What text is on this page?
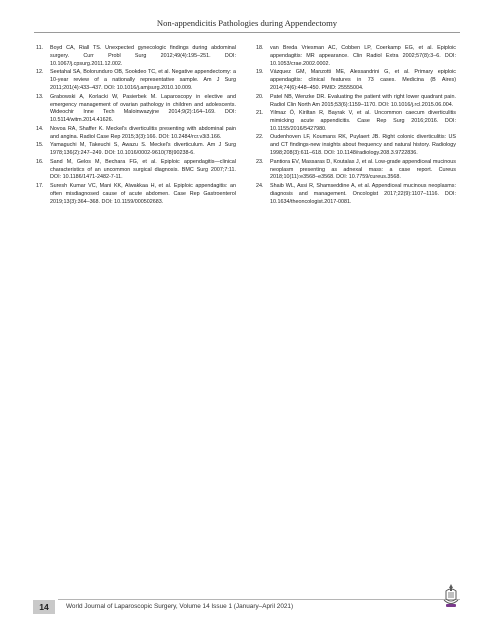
Non-appendicitis Pathologies during Appendectomy
11.	Boyd CA, Riall TS. Unexpected gynecologic findings during abdominal surgery. Curr Probl Surg 2012;49(4):195–251. DOI: 10.1067/j.cpsurg.2011.12.002.
12.	Seetahal SA, Bolorunduro OB, Sookdeo TC, et al. Negative appendectomy: a 10-year review of a nationally representative sample. Am J Surg 2011;201(4):433–437. DOI: 10.1016/j.amjsurg.2010.10.009.
13.	Grabowski A, Korlacki W, Pasierbek M. Laparoscopy in elective and emergency management of ovarian pathology in children and adolescents. Wideochir Inne Tech Maloinwazyjne 2014;9(2):164–169. DOI: 10.5114/witm.2014.41626.
14.	Novoa RA, Shaffer K. Meckel's diverticulitis presenting with abdominal pain and angina. Radiol Case Rep 2015;3(3):166. DOI: 10.2484/rcr.v3i3.166.
15.	Yamaguchi M, Takeuchi S, Awazu S. Meckel's diverticulum. Am J Surg 1978;136(2):247–249. DOI: 10.1016/0002-9610(78)90238-6.
16.	Sand M, Gelos M, Bechara FG, et al. Epiploic appendagitis—clinical characteristics of an uncommon surgical diagnosis. BMC Surg 2007;7:11. DOI: 10.1186/1471-2482-7-11.
17.	Suresh Kumar VC, Mani KK, Alwakkaa H, et al. Epiploic appendagitis: an often misdiagnosed cause of acute abdomen. Case Rep Gastroenterol 2019;13(3):364–368. DOI: 10.1159/000502683.
18.	van Breda Vriesman AC, Cobben LP, Coerkamp EG, et al. Epiploic appendagitis: MR appearance. Clin Radiol Extra 2002;57(8):3–6. DOI: 10.1053/crae.2002.0002.
19.	Vázquez GM, Manzotti ME, Alessandrini G, et al. Primary epiploic appendagitis: clinical features in 73 cases. Medicina (B Aires) 2014;74(6):448–450. PMID: 25555004.
20.	Patel NB, Wenzke DR. Evaluating the patient with right lower quadrant pain. Radiol Clin North Am 2015;53(6):1159–1170. DOI: 10.1016/j.rcl.2015.06.004.
21.	Yilmaz Ö, Kiriltan R, Bayrak V, et al. Uncommon caecum diverticulitis mimicking acute appendicitis. Case Rep Surg 2016;2016. DOI: 10.1155/2016/5427980.
22.	Oudenhoven LF, Koumans RK, Puylaert JB. Right colonic diverticulitis: US and CT findings-new insights about frequency and natural history. Radiology 1998;208(3):611–618. DOI: 10.1148/radiology.208.3.9722836.
23.	Pantiora EV, Massaras D, Koutalas J, et al. Low-grade appendiceal mucinous neoplasm presenting as adnexal mass: a case report. Cureus 2018;10(11):e3568–e3568. DOI: 10.7759/cureus.3568.
24.	Shaib WL, Assi R, Shamseddine A, et al. Appendiceal mucinous neoplasms: diagnosis and management. Oncologist 2017;22(9):1107–1116. DOI: 10.1634/theoncologist.2017-0081.
14	World Journal of Laparoscopic Surgery, Volume 14 Issue 1 (January–April 2021)
